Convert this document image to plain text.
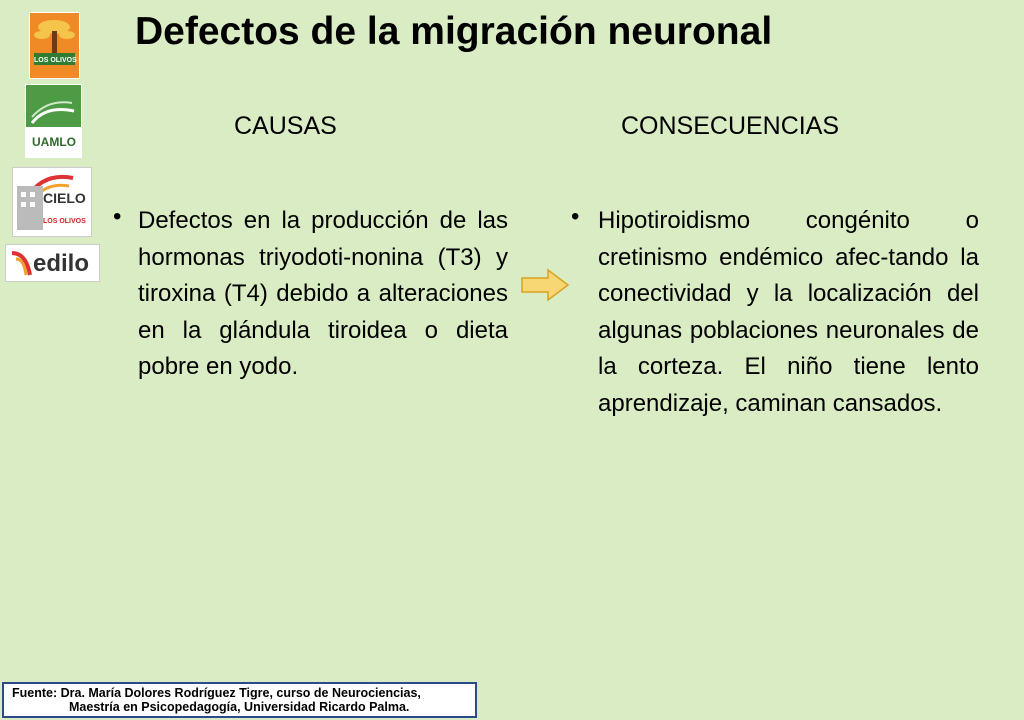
Defectos de la migración neuronal
LOS OLIVOS
UAMLO
CIELO
LOS OLIVOS
edilo
CAUSAS	CONSECUENCIAS
• Defectos en la producción de las hormonas triyodoti-nonina (T3) y tiroxina (T4) debido a alteraciones en la glándula tiroidea o dieta pobre en yodo.
• Hipotiroidismo congénito o cretinismo endémico afec-tando la conectividad y la localización del algunas poblaciones neuronales de la corteza. El niño tiene lento aprendizaje, caminan cansados.
Fuente: Dra. María Dolores Rodríguez Tigre, curso de Neurociencias,
Maestría en Psicopedagogía, Universidad Ricardo Palma.
